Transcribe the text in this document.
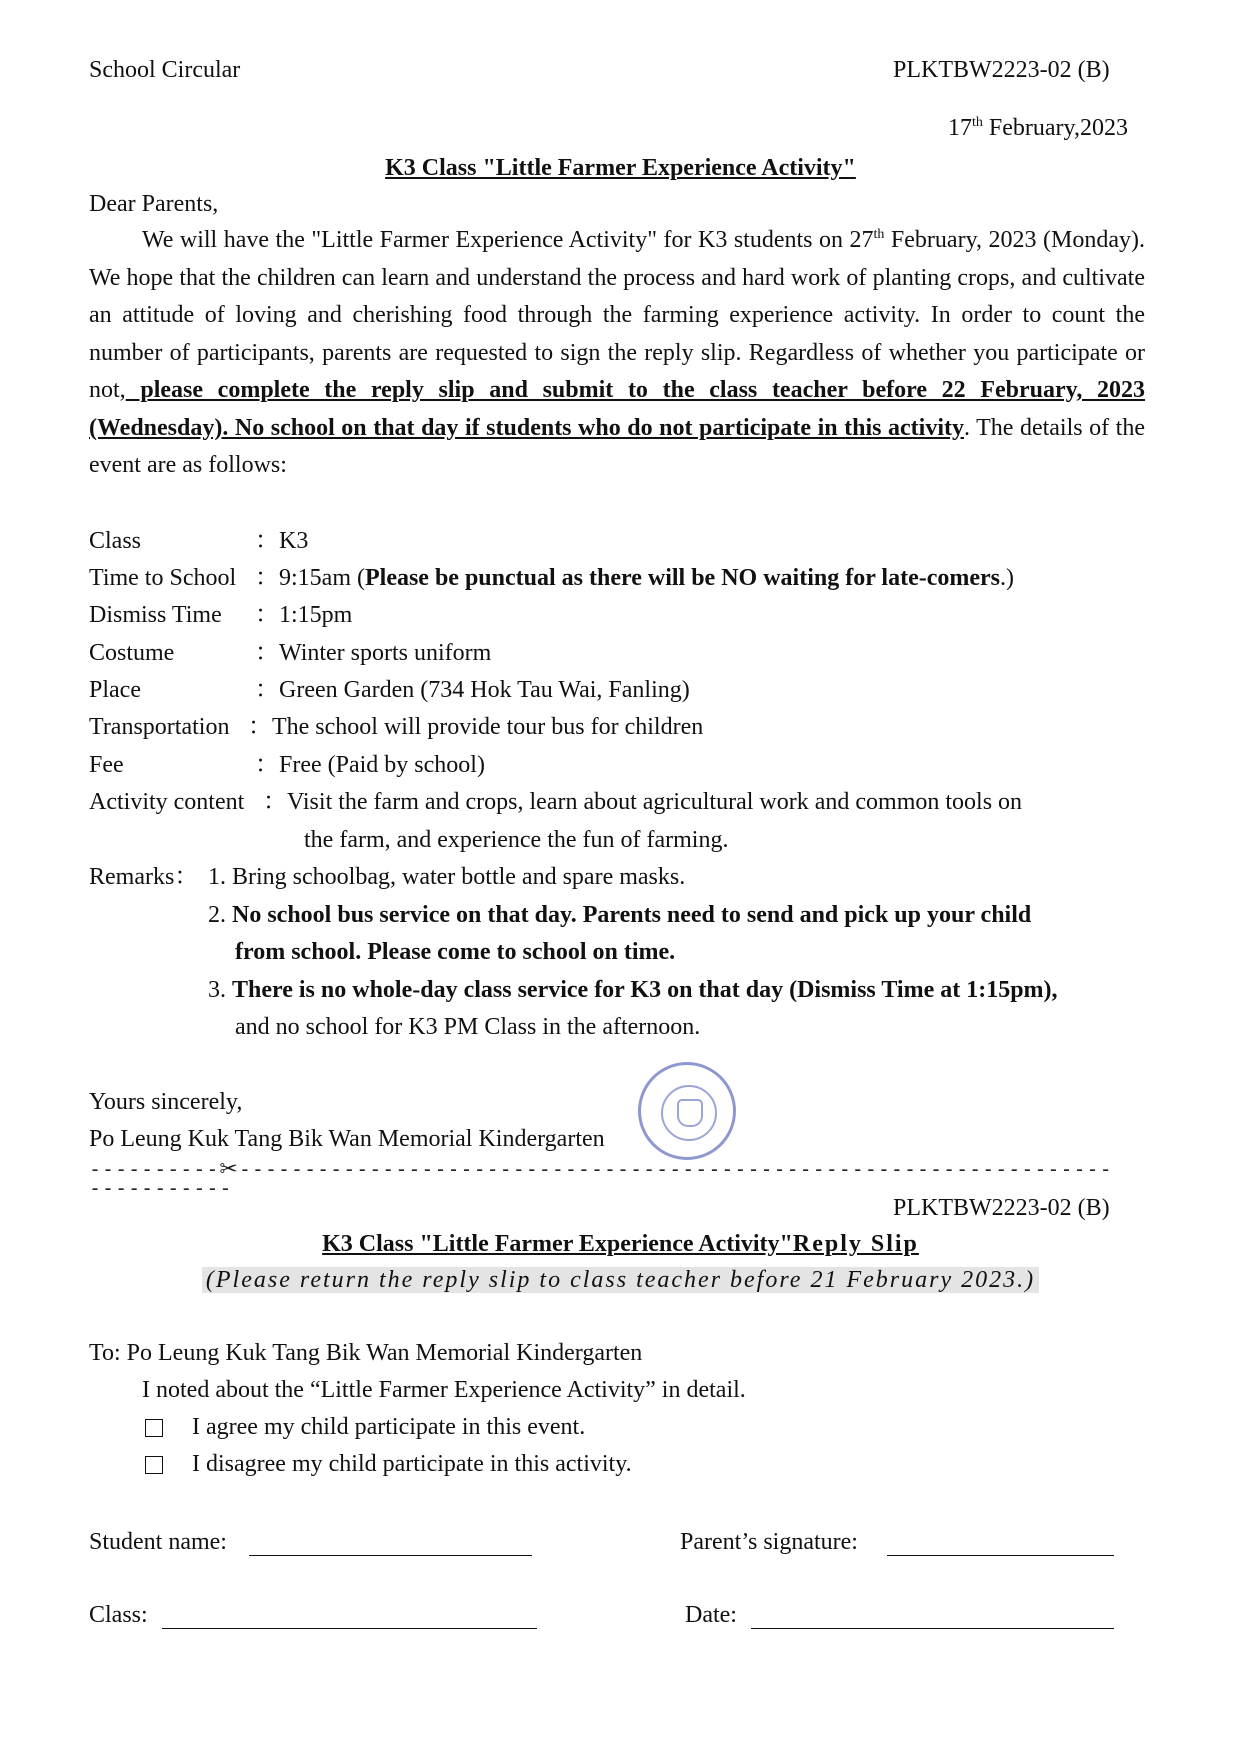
School Circular	PLKTBW2223-02 (B)
17th February,2023
K3 Class "Little Farmer Experience Activity"
Dear Parents,
We will have the "Little Farmer Experience Activity" for K3 students on 27th February, 2023 (Monday). We hope that the children can learn and understand the process and hard work of planting crops, and cultivate an attitude of loving and cherishing food through the farming experience activity. In order to count the number of participants, parents are requested to sign the reply slip. Regardless of whether you participate or not, please complete the reply slip and submit to the class teacher before 22 February, 2023 (Wednesday). No school on that day if students who do not participate in this activity. The details of the event are as follows:
Class	：K3
Time to School ：9:15am (Please be punctual as there will be NO waiting for late-comers.)
Dismiss Time ：1:15pm
Costume	：Winter sports uniform
Place	：Green Garden (734 Hok Tau Wai, Fanling)
Transportation ：The school will provide tour bus for children
Fee	：Free (Paid by school)
Activity content ：Visit the farm and crops, learn about agricultural work and common tools on
the farm, and experience the fun of farming.
Remarks： 1. Bring schoolbag, water bottle and spare masks.
2. No school bus service on that day. Parents need to send and pick up your child
from school. Please come to school on time.
3. There is no whole-day class service for K3 on that day (Dismiss Time at 1:15pm),
and no school for K3 PM Class in the afternoon.
Yours sincerely,
Po Leung Kuk Tang Bik Wan Memorial Kindergarten
----------✂------------------------------------------------------------------------------
PLKTBW2223-02 (B)
K3 Class "Little Farmer Experience Activity"Reply Slip
(Please return the reply slip to class teacher before 21 February 2023.)
To: Po Leung Kuk Tang Bik Wan Memorial Kindergarten
I noted about the “Little Farmer Experience Activity” in detail.
I agree my child participate in this event.
I disagree my child participate in this activity.
Student name:	Parent’s signature:
Class:	Date:
